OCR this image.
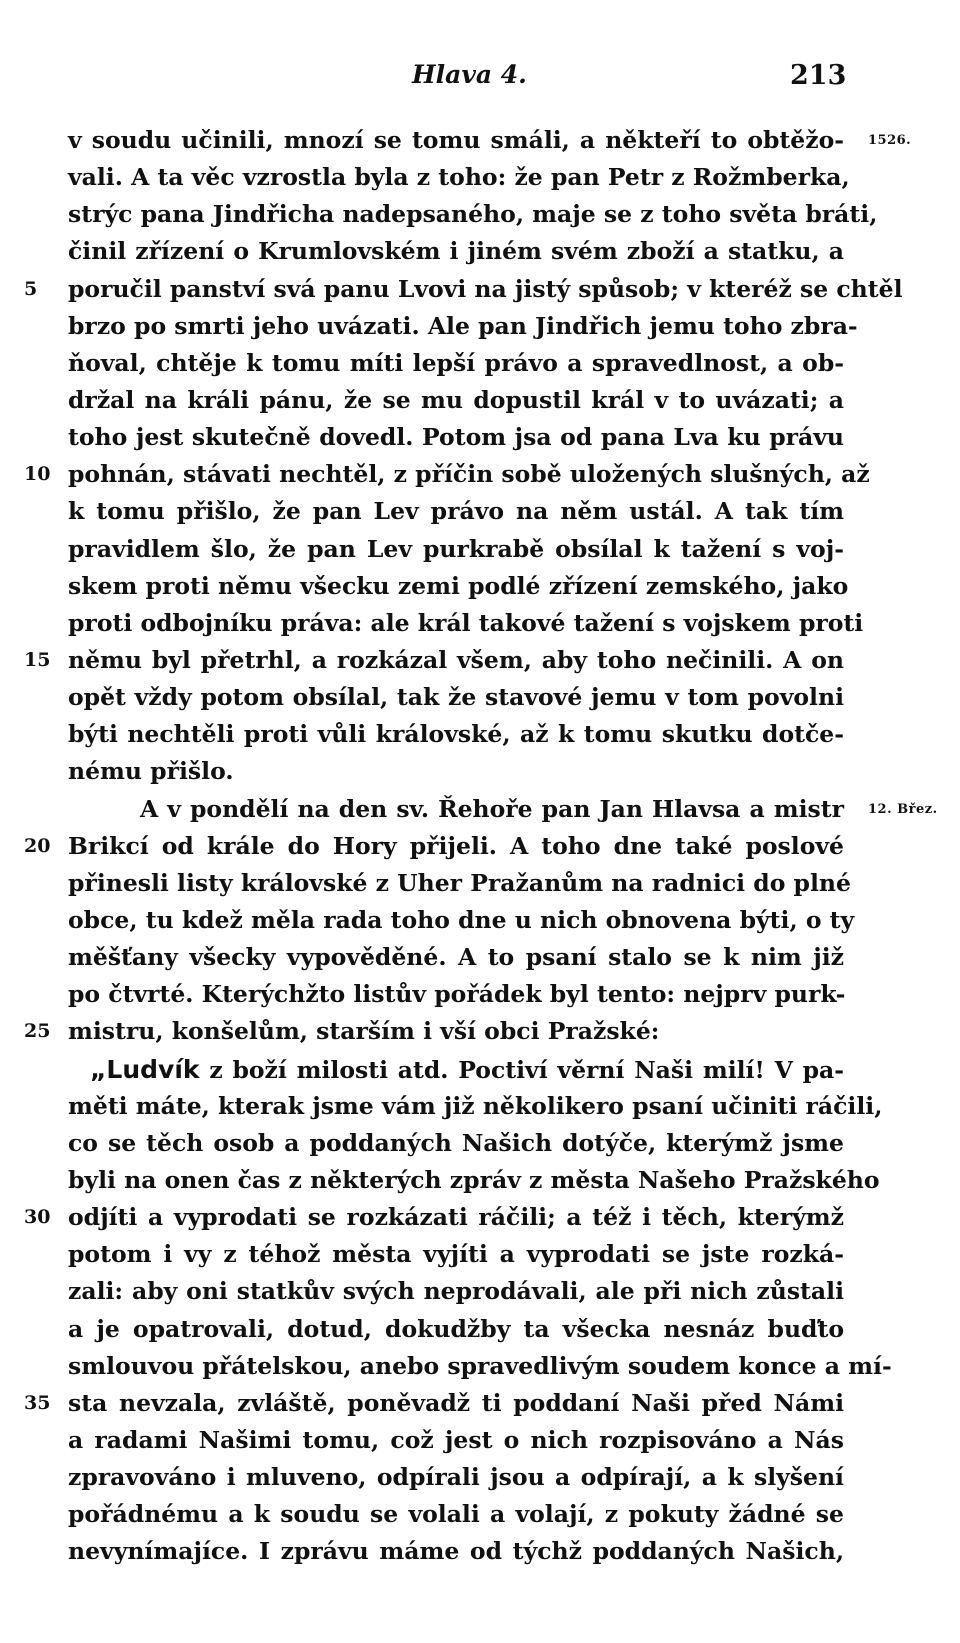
Hlava 4.	213
v soudu učinili, mnozí se tomu smáli, a někteří to obtěžo- 1526.
vali. A ta věc vzrostla byla z toho: že pan Petr z Rožmberka,
strýc pana Jindřicha nadepsaného, maje se z toho světa bráti,
činil zřízení o Krumlovském i jiném svém zboží a statku, a
5	poručil panství svá panu Lvovi na jistý spůsob; v kteréž se chtěl
brzo po smrti jeho uvázati. Ale pan Jindřich jemu toho zbra-
ňoval, chtěje k tomu míti lepší právo a spravedlnost, a ob-
držal na králi pánu, že se mu dopustil král v to uvázati; a
toho jest skutečně dovedl. Potom jsa od pana Lva ku právu
10 pohnán, stávati nechtěl, z příčin sobě uložených slušných, až
k tomu přišlo, že pan Lev právo na něm ustál. A tak tím
pravidlem šlo, že pan Lev purkrabě obsílal k tažení s voj-
skem proti němu všecku zemi podlé zřízení zemského, jako
proti odbojníku práva: ale král takové tažení s vojskem proti
15 němu byl přetrhl, a rozkázal všem, aby toho nečinili. A on
opět vždy potom obsílal, tak že stavové jemu v tom povolni
býti nechtěli proti vůli královské, až k tomu skutku dotče-
nému přišlo.
A v pondělí na den sv. Řehoře pan Jan Hlavsa a mistr 12. Břez.
20 Brikcí od krále do Hory přijeli. A toho dne také poslové
přinesli listy královské z Uher Pražanům na radnici do plné
obce, tu kdež měla rada toho dne u nich obnovena býti, o ty
měšťany všecky vypověděné. A to psaní stalo se k nim již
po čtvrté. Kterýchžto listův pořádek byl tento: nejprv purk-
25 mistru, konšelům, starším i vší obci Pražské:
„Ludvík z boží milosti atd. Poctiví věrní Naši milí! V pa-
měti máte, kterak jsme vám již několikero psaní učiniti ráčili,
co se těch osob a poddaných Našich dotýče, kterýmž jsme
byli na onen čas z některých zpráv z města Našeho Pražského
30 odjíti a vyprodati se rozkázati ráčili; a též i těch, kterýmž
potom i vy z téhož města vyjíti a vyprodati se jste rozká-
zali: aby oni statkův svých neprodávali, ale při nich zůstali
a je opatrovali, dotud, dokudžby ta všecka nesnáz buďto
smlouvou přátelskou, anebo spravedlivým soudem konce a mí-
35 sta nevzala, zvláště, poněvadž ti poddaní Naši před Námi
a radami Našimi tomu, což jest o nich rozpisováno a Nás
zpravováno i mluveno, odpírali jsou a odpírají, a k slyšení
pořádnému a k soudu se volali a volají, z pokuty žádné se
nevynímajíce. I zprávu máme od týchž poddaných Našich,
